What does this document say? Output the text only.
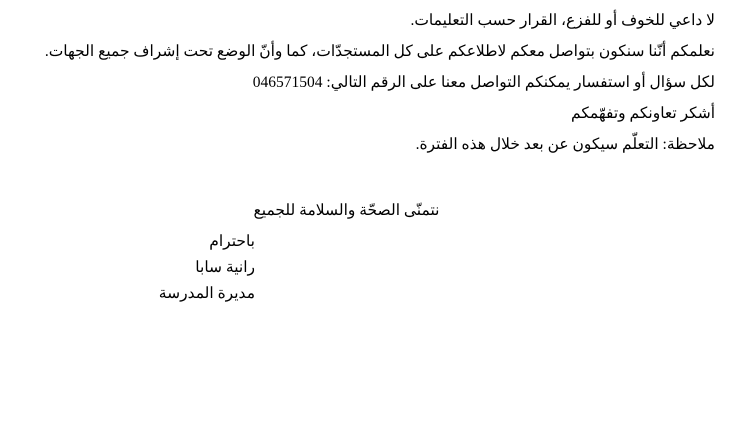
لا داعي للخوف أو للفزع، القرار حسب التعليمات.

نعلمكم أنّنا سنكون بتواصل معكم لاطلاعكم على كل المستجدّات، كما وأنّ الوضع تحت إشراف جميع الجهات.

لكل سؤال أو استفسار يمكنكم التواصل معنا على الرقم التالي: 046571504

أشكر تعاونكم وتفهّمكم

ملاحظة: التعلّم سيكون عن بعد خلال هذه الفترة.

نتمنّى الصحّة والسلامة للجميع

باحترام

رانية سابا

مديرة المدرسة
